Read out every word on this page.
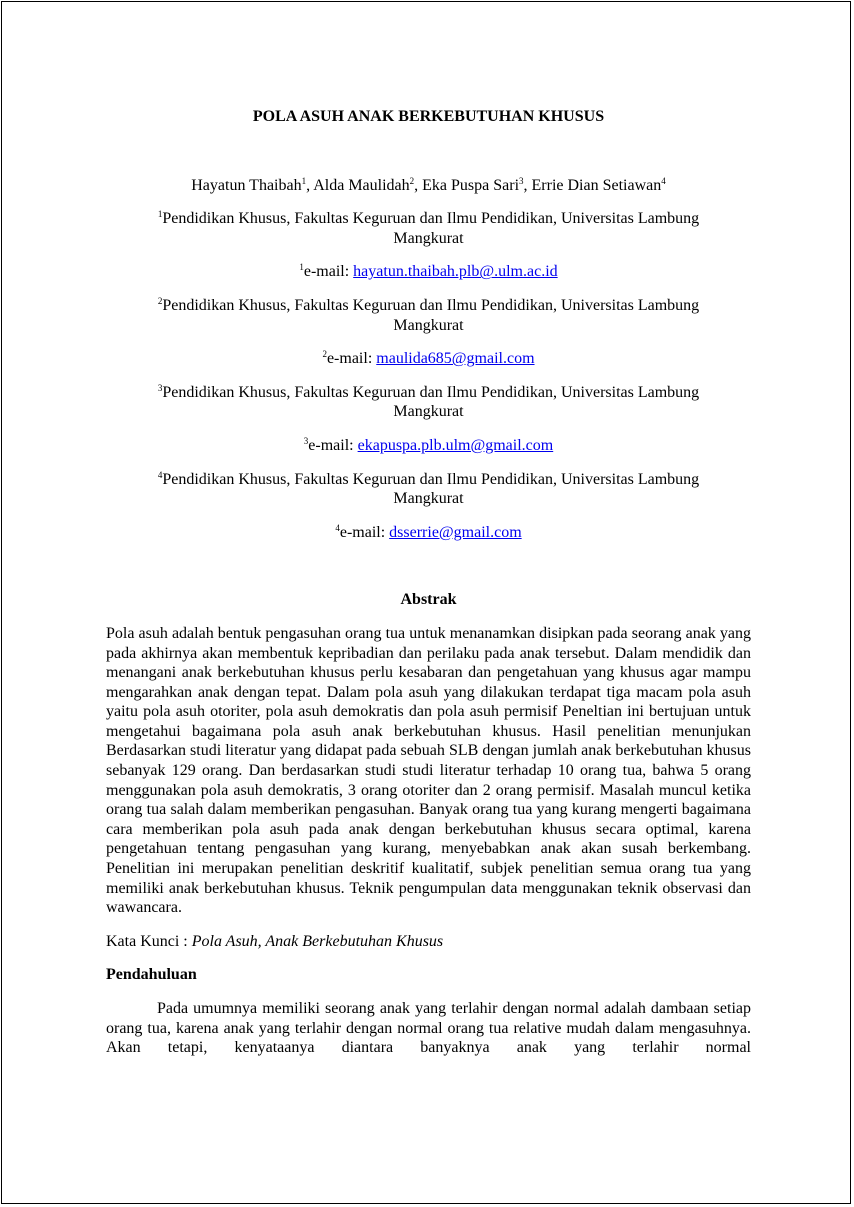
POLA ASUH ANAK BERKEBUTUHAN KHUSUS
Hayatun Thaibah$^1$, Alda Maulidah$^2$, Eka Puspa Sari$^3$, Errie Dian Setiawan$^4$
$^1$Pendidikan Khusus, Fakultas Keguruan dan Ilmu Pendidikan, Universitas Lambung Mangkurat
$^1$e-mail: hayatun.thaibah.plb@.ulm.ac.id
$^2$Pendidikan Khusus, Fakultas Keguruan dan Ilmu Pendidikan, Universitas Lambung Mangkurat
$^2$e-mail: maulida685@gmail.com
$^3$Pendidikan Khusus, Fakultas Keguruan dan Ilmu Pendidikan, Universitas Lambung Mangkurat
$^3$e-mail: ekapuspa.plb.ulm@gmail.com
$^4$Pendidikan Khusus, Fakultas Keguruan dan Ilmu Pendidikan, Universitas Lambung Mangkurat
$^4$e-mail: dsserrie@gmail.com
Abstrak
Pola asuh adalah bentuk pengasuhan orang tua untuk menanamkan disipkan pada seorang anak yang pada akhirnya akan membentuk kepribadian dan perilaku pada anak tersebut. Dalam mendidik dan menangani anak berkebutuhan khusus perlu kesabaran dan pengetahuan yang khusus agar mampu mengarahkan anak dengan tepat. Dalam pola asuh yang dilakukan terdapat tiga macam pola asuh yaitu pola asuh otoriter, pola asuh demokratis dan pola asuh permisif Peneltian ini bertujuan untuk mengetahui bagaimana pola asuh anak berkebutuhan khusus. Hasil penelitian menunjukan Berdasarkan studi literatur yang didapat pada sebuah SLB dengan jumlah anak berkebutuhan khusus sebanyak 129 orang. Dan berdasarkan studi studi literatur terhadap 10 orang tua, bahwa 5 orang menggunakan pola asuh demokratis, 3 orang otoriter dan 2 orang permisif. Masalah muncul ketika orang tua salah dalam memberikan pengasuhan. Banyak orang tua yang kurang mengerti bagaimana cara memberikan pola asuh pada anak dengan berkebutuhan khusus secara optimal, karena pengetahuan tentang pengasuhan yang kurang, menyebabkan anak akan susah berkembang. Penelitian ini merupakan penelitian deskritif kualitatif, subjek penelitian semua orang tua yang memiliki anak berkebutuhan khusus. Teknik pengumpulan data menggunakan teknik observasi dan wawancara.
Kata Kunci : Pola Asuh, Anak Berkebutuhan Khusus
Pendahuluan
Pada umumnya memiliki seorang anak yang terlahir dengan normal adalah dambaan setiap orang tua, karena anak yang terlahir dengan normal orang tua relative mudah dalam mengasuhnya. Akan tetapi, kenyataanya diantara banyaknya anak yang terlahir normal
